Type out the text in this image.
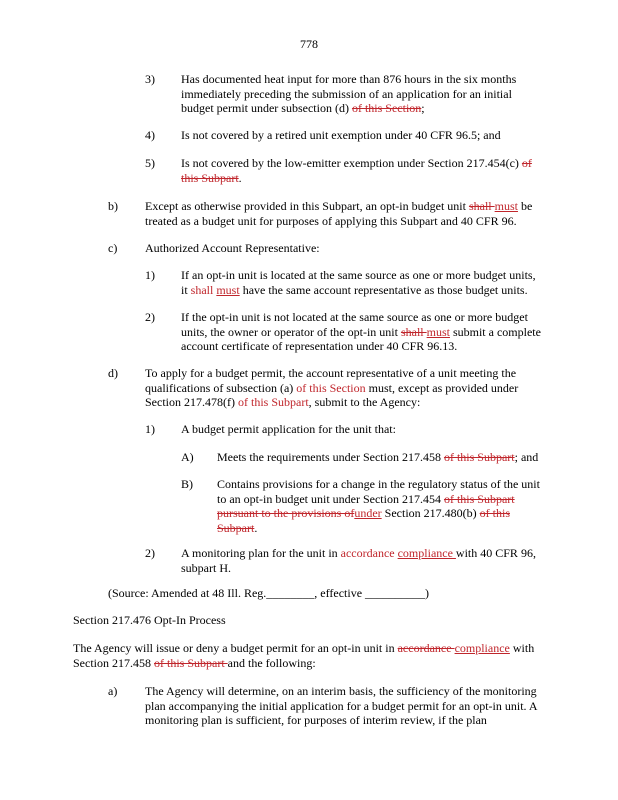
778
3) Has documented heat input for more than 876 hours in the six months immediately preceding the submission of an application for an initial budget permit under subsection (d) of this Section;
4) Is not covered by a retired unit exemption under 40 CFR 96.5; and
5) Is not covered by the low-emitter exemption under Section 217.454(c) of this Subpart.
b) Except as otherwise provided in this Subpart, an opt-in budget unit shall must be treated as a budget unit for purposes of applying this Subpart and 40 CFR 96.
c) Authorized Account Representative:
1) If an opt-in unit is located at the same source as one or more budget units, it shall must have the same account representative as those budget units.
2) If the opt-in unit is not located at the same source as one or more budget units, the owner or operator of the opt-in unit shall must submit a complete account certificate of representation under 40 CFR 96.13.
d) To apply for a budget permit, the account representative of a unit meeting the qualifications of subsection (a) of this Section must, except as provided under Section 217.478(f) of this Subpart, submit to the Agency:
1) A budget permit application for the unit that:
A) Meets the requirements under Section 217.458 of this Subpart; and
B) Contains provisions for a change in the regulatory status of the unit to an opt-in budget unit under Section 217.454 of this Subpart pursuant to the provisions ofunder Section 217.480(b) of this Subpart.
2) A monitoring plan for the unit in accordance compliance with 40 CFR 96, subpart H.
(Source: Amended at 48 Ill. Reg.________, effective __________)
Section 217.476 Opt-In Process
The Agency will issue or deny a budget permit for an opt-in unit in accordance compliance with Section 217.458 of this Subpart and the following:
a) The Agency will determine, on an interim basis, the sufficiency of the monitoring plan accompanying the initial application for a budget permit for an opt-in unit. A monitoring plan is sufficient, for purposes of interim review, if the plan
